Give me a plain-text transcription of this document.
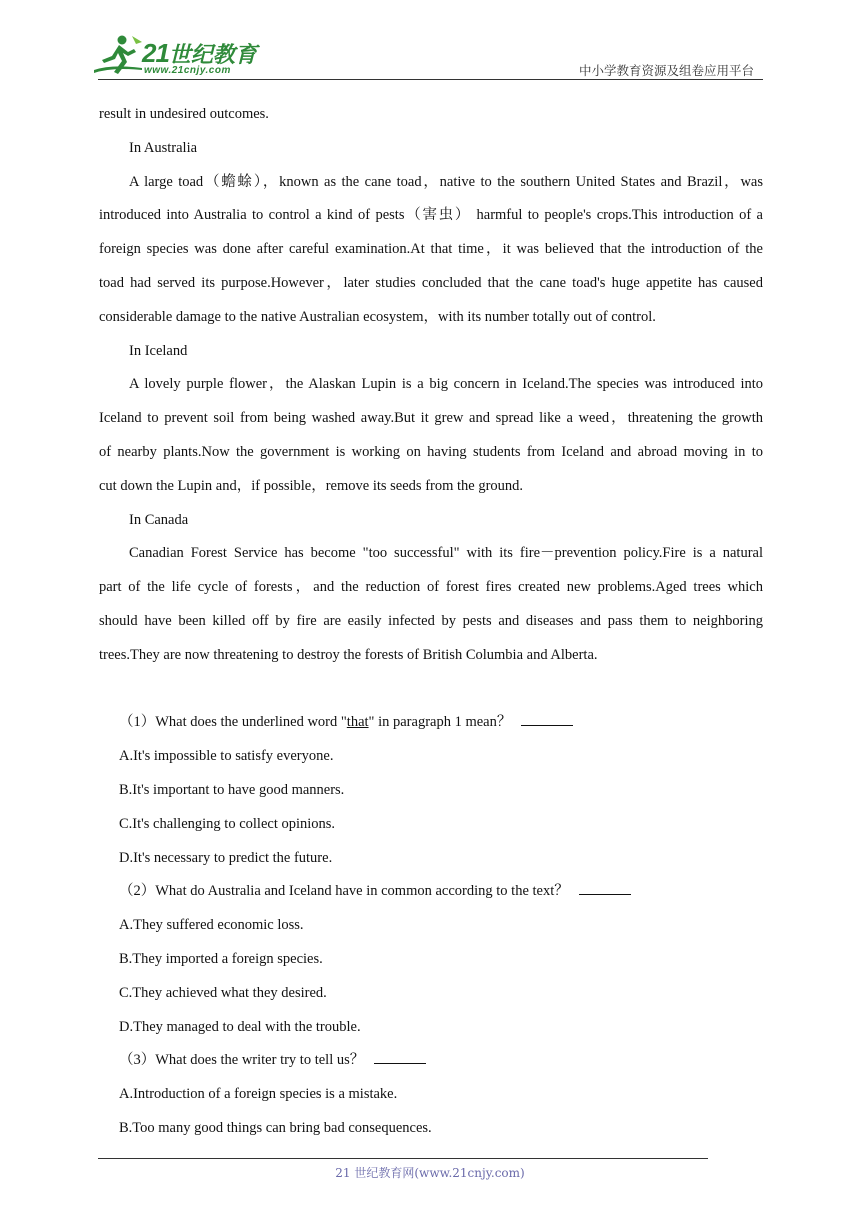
21世纪教育
www.21cnjy.com	中小学教育资源及组卷应用平台
result in undesired outcomes.
In Australia
A large toad（蟾蜍），known as the cane toad，native to the southern United States and Brazil，was
introduced into Australia to control a kind of pests（害虫） harmful to people's crops.This introduction of a
foreign species was done after careful examination.At that time，it was believed that the introduction of the
toad had served its purpose.However，later studies concluded that the cane toad's huge appetite has caused
considerable damage to the native Australian ecosystem，with its number totally out of control.
In Iceland
A lovely purple flower，the Alaskan Lupin is a big concern in Iceland.The species was introduced into
Iceland to prevent soil from being washed away.But it grew and spread like a weed，threatening the growth
of nearby plants.Now the government is working on having students from Iceland and abroad moving in to
cut down the Lupin and，if possible，remove its seeds from the ground.
In Canada
Canadian Forest Service has become "too successful" with its fire－prevention policy.Fire is a natural
part of the life cycle of forests，and the reduction of forest fires created new problems.Aged trees which
should have been killed off by fire are easily infected by pests and diseases and pass them to neighboring
trees.They are now threatening to destroy the forests of British Columbia and Alberta.
（1）What does the underlined word "that" in paragraph 1 mean？
A.It's impossible to satisfy everyone.
B.It's important to have good manners.
C.It's challenging to collect opinions.
D.It's necessary to predict the future.
（2）What do Australia and Iceland have in common according to the text？
A.They suffered economic loss.
B.They imported a foreign species.
C.They achieved what they desired.
D.They managed to deal with the trouble.
（3）What does the writer try to tell us？
A.Introduction of a foreign species is a mistake.
B.Too many good things can bring bad consequences.
21 世纪教育网(www.21cnjy.com)
